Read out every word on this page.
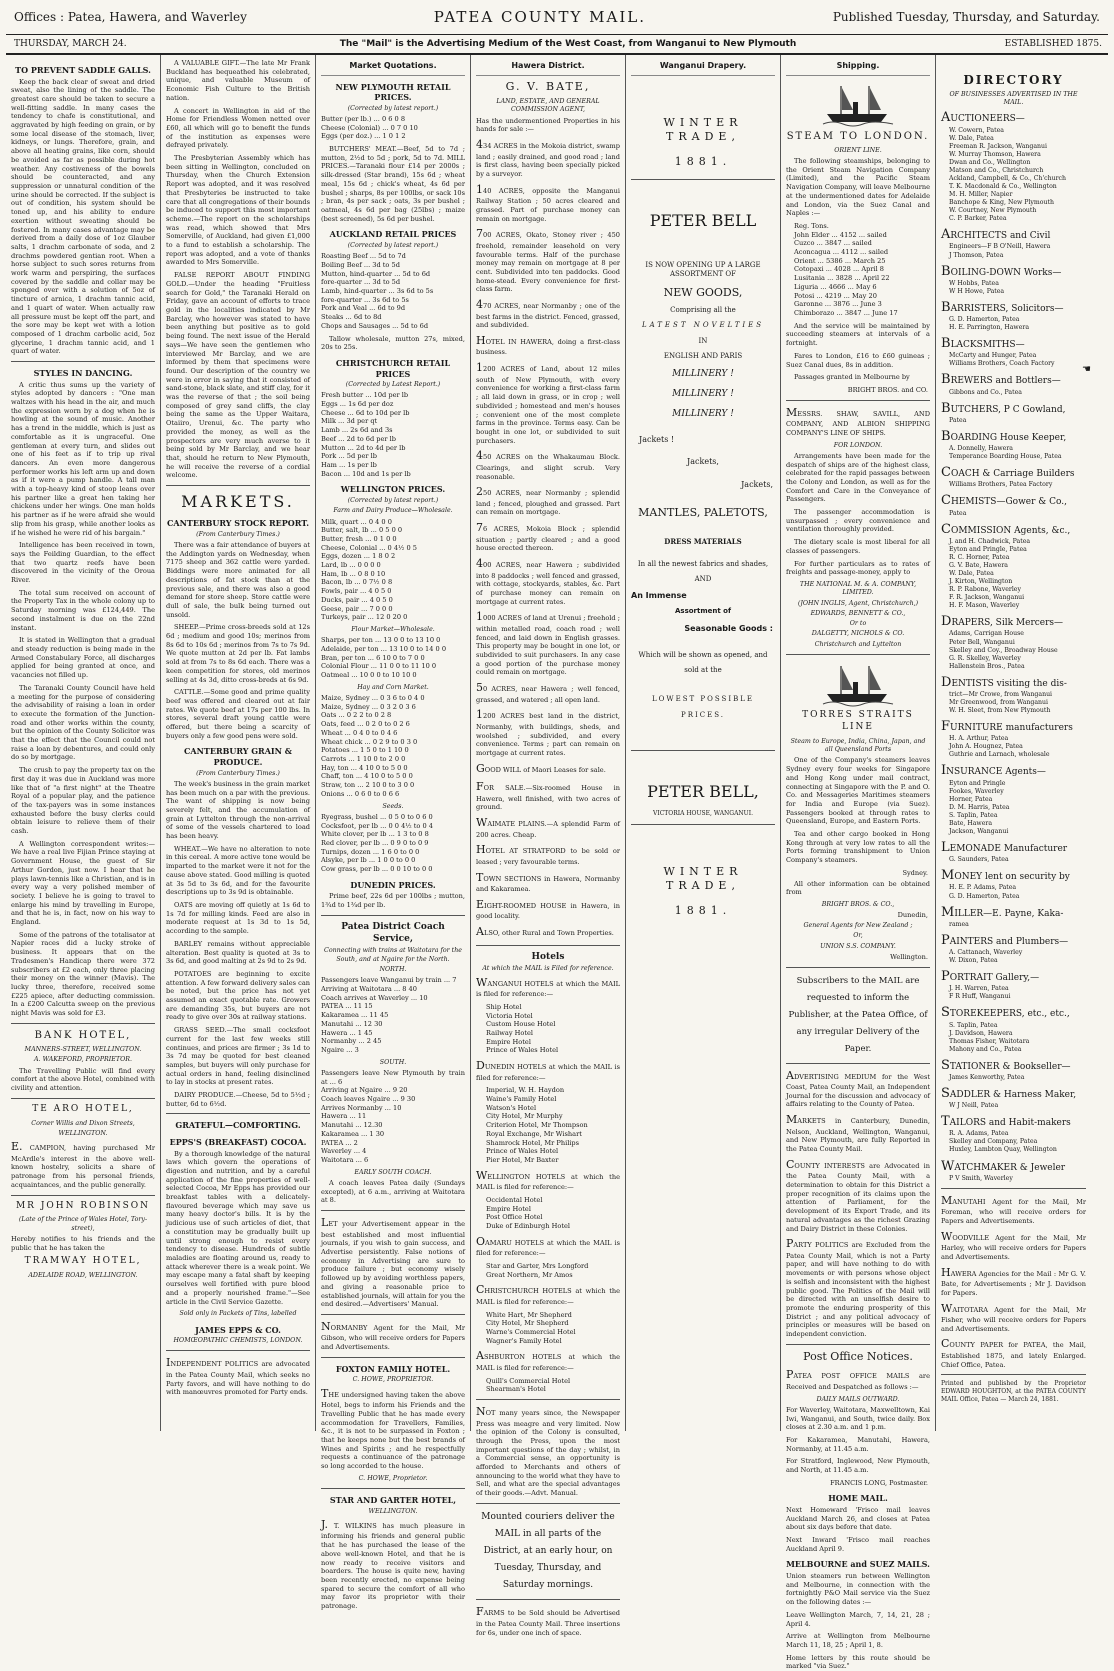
Offices : Patea, Hawera, and Waverley	PATEA COUNTY MAIL.	Published Tuesday, Thursday, and Saturday.
THURSDAY, MARCH 24.	The "Mail" is the Advertising Medium of the West Coast, from Wanganui to New Plymouth	ESTABLISHED 1875.
TO PREVENT SADDLE GALLS.

Keep the back clear of sweat and dried sweat, also the lining of the saddle. The greatest care should be taken to secure a well-fitting saddle. In many cases the tendency to chafe is constitutional, and aggravated by high feeding on grain, or by some local disease of the stomach, liver, kidneys, or lungs. Therefore, grain, and above all heating grains, like corn, should be avoided as far as possible during hot weather. Any costiveness of the bowels should be counteracted, and any suppression or unnatural condition of the urine should be corrected. If the subject is out of condition, his system should be toned up, and his ability to endure exertion without sweating should be fostered. In many cases advantage may be derived from a daily dose of 1oz Glauber salts, 1 drachm carbonate of soda, and 2 drachms powdered gentian root. When a horse subject to such sores returns from work warm and perspiring, the surfaces covered by the saddle and collar may be sponged over with a solution of 5oz of tincture of arnica, 1 drachm tannic acid, and 1 quart of water. When actually raw all pressure must be kept off the part, and the sore may be kept wet with a lotion composed of 1 drachm carbolic acid, 5oz glycerine, 1 drachm tannic acid, and 1 quart of water.

STYLES IN DANCING.

A critic thus sums up the variety of styles adopted by dancers : "One man waltzes with his head in the air, and much the expression worn by a dog when he is howling at the sound of music. Another has a trend in the middle, which is just as comfortable as it is ungraceful. One gentleman at every turn, and slides out one of his feet as if to trip up rival dancers. An even more dangerous performer works his left arm up and down as if it were a pump handle. A tall man with a top-heavy kind of stoop leans over his partner like a great hen taking her chickens under her wings. One man holds his partner as if he were afraid she would slip from his grasp, while another looks as if he wished he were rid of his bargain."

Intelligence has been received in town, says the Feilding Guardian, to the effect that two quartz reefs have been discovered in the vicinity of the Oroua River.

The total sum received on account of the Property Tax in the whole colony up to Saturday morning was £124,449. The second instalment is due on the 22nd instant.

It is stated in Wellington that a gradual and steady reduction is being made in the Armed Constabulary Force, all discharges applied for being granted at once, and vacancies not filled up.

The Taranaki County Council have held a meeting for the purpose of considering the advisability of raising a loan in order to execute the formation of the Junction-road and other works within the county, but the opinion of the County Solicitor was that the effect that the Council could not raise a loan by debentures, and could only do so by mortgage.

The crush to pay the property tax on the first day it was due in Auckland was more like that of "a first night" at the Theatre Royal of a popular play, and the patience of the tax-payers was in some instances exhausted before the busy clerks could obtain leisure to relieve them of their cash.

A Wellington correspondent writes:— We have a real live Fijian Prince staying at Government House, the guest of Sir Arthur Gordon, just now. I hear that he plays lawn-tennis like a Christian, and is in every way a very polished member of society. I believe he is going to travel to enlarge his mind by travelling in Europe, and that he is, in fact, now on his way to England.

Some of the patrons of the totalisator at Napier races did a lucky stroke of business. It appears that on the Tradesmen's Handicap there were 372 subscribers at £2 each, only three placing their money on the winner (Mavis). The lucky three, therefore, received some £225 apiece, after deducting commission. In a £200 Calcutta sweep on the previous night Mavis was sold for £3.

BANK HOTEL,
MANNERS-STREET, WELLINGTON.
A. WAKEFORD, PROPRIETOR.

The Travelling Public will find every comfort at the above Hotel, combined with civility and attention.

TE ARO HOTEL,
Corner Willis and Dixon Streets,
WELLINGTON.

E. CAMPION, having purchased Mr McArdle's interest in the above well-known hostelry, solicits a share of patronage from his personal friends, acquaintances, and the public generally.

MR JOHN ROBINSON
(Late of the Prince of Wales Hotel, Tory-street),

Hereby notifies to his friends and the public that he has taken the

TRAMWAY HOTEL,
ADELAIDE ROAD, WELLINGTON.

A VALUABLE GIFT.—The late Mr Frank Buckland has bequeathed his celebrated, unique, and valuable Museum of Economic Fish Culture to the British nation.

A concert in Wellington in aid of the Home for Friendless Women netted over £60, all which will go to benefit the funds of the institution as expenses were defrayed privately.

The Presbyterian Assembly which has been sitting in Wellington, concluded on Thursday, when the Church Extension Report was adopted, and it was resolved that Presbyteries be instructed to take care that all congregations of their bounds be induced to support this most important scheme.—The report on the scholarships was read, which showed that Mrs Somerville, of Auckland, had given £1,000 to a fund to establish a scholarship. The report was adopted, and a vote of thanks awarded to Mrs Somerville.

FALSE REPORT ABOUT FINDING GOLD.—Under the heading "Fruitless search for Gold," the Taranaki Herald on Friday, gave an account of efforts to trace gold in the localities indicated by Mr Barclay, who however was stated to have been anything but positive as to gold being found. The next issue of the Herald says—We have seen the gentlemen who interviewed Mr Barclay, and we are informed by them that specimens were found. Our description of the country we were in error in saying that it consisted of sand-stone, black slate, and stiff clay, for it was the reverse of that ; the soil being composed of grey sand cliffs, the clay being the same as the Upper Waitara, Otaiiro, Urenui, &c. The party who provided the money, as well as the prospectors are very much averse to it being sold by Mr Barclay, and we hear that, should he return to New Plymouth, he will receive the reverse of a cordial welcome.

MARKETS.
CANTERBURY STOCK REPORT.
(From Canterbury Times.)

There was a fair attendance of buyers at the Addington yards on Wednesday, when 7175 sheep and 362 cattle were yarded. Biddings were more animated for all descriptions of fat stock than at the previous sale, and there was also a good demand for store sheep. Store cattle were dull of sale, the bulk being turned out unsold.

SHEEP.—Prime cross-breeds sold at 12s 6d ; medium and good 10s; merinos from 8s 6d to 10s 6d ; merinos from 7s to 7s 9d. We quote mutton at 2d per lb. Fat lambs sold at from 7s to 8s 6d each. There was a keen competition for stores, old merinos selling at 4s 3d, ditto cross-breds at 6s 9d.

CATTLE.—Some good and prime quality beef was offered and cleared out at fair rates. We quote beef at 17s per 100 lbs. In stores, several draft young cattle were offered, but there being a scarcity of buyers only a few good pens were sold.

CANTERBURY GRAIN & PRODUCE.
(From Canterbury Times.)

The week's business in the grain market has been much on a par with the previous. The want of shipping is now being severely felt, and the accumulation of grain at Lyttelton through the non-arrival of some of the vessels chartered to load has been heavy.

WHEAT.—We have no alteration to note in this cereal. A more active tone would be imparted to the market were it not for the cause above stated. Good milling is quoted at 3s 5d to 3s 6d, and for the favourite descriptions up to 3s 9d is obtainable.

OATS are moving off quietly at 1s 6d to 1s 7d for milling kinds. Feed are also in moderate request at 1s 3d to 1s 5d, according to the sample.

BARLEY remains without appreciable alteration. Best quality is quoted at 3s to 3s 6d, and good malting at 2s 9d to 2s 9d.

POTATOES are beginning to excite attention. A few forward delivery sales can be noted, but the price has not yet assumed an exact quotable rate. Growers are demanding 35s, but buyers are not ready to give over 30s at railway stations.

GRASS SEED.—The small cocksfoot current for the last few weeks still continues, and prices are firmer ; 3s 1d to 3s 7d may be quoted for best cleaned samples, but buyers will only purchase for actual orders in hand, feeling disinclined to lay in stocks at present rates.

DAIRY PRODUCE.—Cheese, 5d to 5½d ; butter, 6d to 6½d.

GRATEFUL—COMFORTING.
EPPS'S (BREAKFAST) COCOA.

By a thorough knowledge of the natural laws which govern the operations of digestion and nutrition, and by a careful application of the fine properties of well-selected Cocoa, Mr Epps has provided our breakfast tables with a delicately-flavoured beverage which may save us many heavy doctor's bills. It is by the judicious use of such articles of diet, that a constitution may be gradually built up until strong enough to resist every tendency to disease. Hundreds of subtle maladies are floating around us, ready to attack wherever there is a weak point. We may escape many a fatal shaft by keeping ourselves well fortified with pure blood and a properly nourished frame."—See article in the Civil Service Gazette.

Sold only in Packets of Tins, labelled
JAMES EPPS & CO.
HOMŒOPATHIC CHEMISTS, LONDON.

INDEPENDENT POLITICS are advocated in the Patea County Mail, which seeks no Party favors, and will have nothing to do with manœuvres promoted for Party ends.

Market Quotations.
NEW PLYMOUTH RETAIL PRICES.
(Corrected by latest report.)
Butter (per lb.) ... 0 6 0 8
Cheese (Colonial) ... 0 7 0 10
Eggs (per doz.) ... 1 0 1 2

BUTCHERS' MEAT.—Beef, 5d to 7d ; mutton, 2½d to 5d ; pork, 5d to 7d. MILL PRICES.—Taranaki flour £14 per 2000s ; silk-dressed (Star brand), 15s 6d ; wheat meal, 15s 6d ; chick's wheat, 4s 6d per bushel ; sharps, 8s per 100lbs, or sack 10s ; bran, 4s per sack ; oats, 3s per bushel ; oatmeal, 4s 6d per bag (25lbs) ; maize (best screened), 5s 6d per bushel.

AUCKLAND RETAIL PRICES
(Corrected by latest report.)
Roasting Beef ... 5d to 7d
Boiling Beef ... 3d to 5d
Mutton, hind-quarter ... 5d to 6d
fore-quarter ... 3d to 5d
Lamb, hind-quarter ... 3s 6d to 5s
fore-quarter ... 3s 6d to 5s
Pork and Veal ... 6d to 9d
Steaks ... 6d to 8d
Chops and Sausages ... 5d to 6d

Tallow wholesale, mutton 27s, mixed, 20s to 25s.

CHRISTCHURCH RETAIL PRICES
(Corrected by Latest Report.)
Fresh butter ... 10d per lb
Eggs ... 1s 6d per doz
Cheese ... 6d to 10d per lb
Milk ... 3d per qt
Lamb ... 2s 6d and 3s
Beef ... 2d to 6d per lb
Mutton ... 2d to 4d per lb
Pork ... 5d per lb
Ham ... 1s per lb
Bacon ... 10d and 1s per lb
WELLINGTON PRICES.
(Corrected by latest report.)
Farm and Dairy Produce—Wholesale.
Milk, quart ... 0 4 0 0
Butter, salt, lb ... 0 5 0 0
Butter, fresh ... 0 1 0 0
Cheese, Colonial ... 0 4½ 0 5
Eggs, dozen ... 1 8 0 2
Lard, lb ... 0 0 0 0
Ham, lb ... 0 8 0 10
Bacon, lb ... 0 7½ 0 8
Fowls, pair ... 4 0 5 0
Ducks, pair ... 4 0 5 0
Geese, pair ... 7 0 0 0
Turkeys, pair ... 12 0 20 0
Flour Market—Wholesale.
Sharps, per ton ... 13 0 0 to 13 10 0
Adelaide, per ton ... 13 10 0 to 14 0 0
Bran, per ton ... 6 10 0 to 7 0 0
Colonial Flour ... 11 0 0 to 11 10 0
Oatmeal ... 10 0 0 to 10 10 0
Hay and Corn Market.
Maize, Sydney ... 0 3 6 to 0 4 0
Maize, Sydney ... 0 3 2 0 3 6
Oats ... 0 2 2 to 0 2 8
Oats, feed ... 0 2 0 to 0 2 6
Wheat ... 0 4 0 to 0 4 6
Wheat chick ... 0 2 9 to 0 3 0
Potatoes ... 1 5 0 to 1 10 0
Carrots ... 1 10 0 to 2 0 0
Hay, ton ... 4 10 0 to 5 0 0
Chaff, ton ... 4 10 0 to 5 0 0
Straw, ton ... 2 10 0 to 3 0 0
Onions ... 0 6 0 to 0 6 6
Seeds.
Ryegrass, bushel ... 0 5 0 to 0 6 0
Cocksfoot, per lb ... 0 0 4½ to 0 4
White clover, per lb ... 1 3 to 0 8
Red clover, per lb ... 0 9 0 to 0 9
Turnips, dozen ... 1 6 0 to 0 0
Alsyke, per lb ... 1 0 0 to 0 0
Cow grass, per lb ... 0 0 10 to 0 0
DUNEDIN PRICES.

Prime beef, 22s 6d per 100lbs ; mutton, 1¾d to 1¾d per lb.

Patea District Coach Service,
Connecting with trains at Waitotara for the South, and at Ngaire for the North.
NORTH.
Passengers leave Wanganui by train ... 7
Arriving at Waitotara ... 8 40
Coach arrives at Waverley ... 10
PATEA ... 11 15
Kakaramea ... 11 45
Manutahi ... 12 30
Hawera ... 1 45
Normanby ... 2 45
Ngaire ... 3
SOUTH.
Passengers leave New Plymouth by train at ... 6
Arriving at Ngaire ... 9 20
Coach leaves Ngaire ... 9 30
Arrives Normanby ... 10
Hawera ... 11
Manutahi ... 12.30
Kakaramea ... 1 30
PATEA ... 2
Waverley ... 4
Waitotara ... 6
EARLY SOUTH COACH.

A coach leaves Patea daily (Sundays excepted), at 6 a.m., arriving at Waitotara at 8.

LET your Advertisement appear in the best established and most influential journals, if you wish to gain success, and Advertise persistently. False notions of economy in Advertising are sure to produce failure ; but economy wisely followed up by avoiding worthless papers, and giving a reasonable price to established journals, will attain for you the end desired.—Advertisers' Manual.

NORMANBY Agent for the Mail, Mr Gibson, who will receive orders for Papers and Advertisements.

FOXTON FAMILY HOTEL.
C. HOWE, PROPRIETOR.

THE undersigned having taken the above Hotel, begs to inform his Friends and the Travelling Public that he has made every accommodation for Travellers, Families, &c., it is not to be surpassed in Foxton ; that he keeps none but the best brands of Wines and Spirits ; and he respectfully requests a continuance of the patronage so long accorded to the house.

C. HOWE, Proprietor.
STAR AND GARTER HOTEL,
WELLINGTON.

J. T. WILKINS has much pleasure in informing his friends and general public that he has purchased the lease of the above well-known Hotel, and that he is now ready to receive visitors and boarders. The house is quite new, having been recently erected, no expense being spared to secure the comfort of all who may favor its proprietor with their patronage.

Hawera District.
G. V. BATE,
LAND, ESTATE, AND GENERAL COMMISSION AGENT,

Has the undermentioned Properties in his hands for sale :—

434 ACRES in the Mokoia district, swamp land ; easily drained, and good road ; land is first class, having been specially picked by a surveyor.

140 ACRES, opposite the Manganui Railway Station ; 50 acres cleared and grassed. Part of purchase money can remain on mortgage.

700 ACRES, Okato, Stoney river ; 450 freehold, remainder leasehold on very favourable terms. Half of the purchase money may remain on mortgage at 8 per cent. Subdivided into ten paddocks. Good home-stead. Every convenience for first-class farm.

470 ACRES, near Normanby ; one of the best farms in the district. Fenced, grassed, and subdivided.

HOTEL IN HAWERA, doing a first-class business.

1200 ACRES of Land, about 12 miles south of New Plymouth, with every convenience for working a first-class farm ; all laid down in grass, or in crop ; well subdivided ; homestead and men's houses ; convenient one of the most complete farms in the province. Terms easy. Can be bought in one lot, or subdivided to suit purchasers.

450 ACRES on the Whakaumau Block. Clearings, and slight scrub. Very reasonable.

250 ACRES, near Normanby ; splendid land ; fenced, ploughed and grassed. Part can remain on mortgage.

76 ACRES, Mokoia Block ; splendid situation ; partly cleared ; and a good house erected thereon.

400 ACRES, near Hawera ; subdivided into 8 paddocks ; well fenced and grassed, with cottage, stockyards, stables, &c. Part of purchase money can remain on mortgage at current rates.

1000 ACRES of land at Urenui ; freehold ; within metalled road, coach road ; well fenced, and laid down in English grasses. This property may be bought in one lot, or subdivided to suit purchasers. In any case a good portion of the purchase money could remain on mortgage.

50 ACRES, near Hawera ; well fenced, grassed, and watered ; all open land.

1200 ACRES best land in the district, Normanby, with buildings, sheds, and woolshed ; subdivided, and every convenience. Terms ; part can remain on mortgage at current rates.

GOOD WILL of Maori Leases for sale.

FOR SALE.—Six-roomed House in Hawera, well finished, with two acres of ground.

WAIMATE PLAINS.—A splendid Farm of 200 acres. Cheap.

HOTEL AT STRATFORD to be sold or leased ; very favourable terms.

TOWN SECTIONS in Hawera, Normanby and Kakaramea.

EIGHT-ROOMED HOUSE in Hawera, in good locality.

ALSO, other Rural and Town Properties.

Hotels
At which the MAIL is Filed for reference.

WANGANUI HOTELS at which the MAIL is filed for reference:—

Ship Hotel
Victoria Hotel
Custom House Hotel
Railway Hotel
Empire Hotel
Prince of Wales Hotel

DUNEDIN HOTELS at which the MAIL is filed for reference:—

Imperial, W. H. Haydon
Waine's Family Hotel
Watson's Hotel
City Hotel, Mr Murphy
Criterion Hotel, Mr Thompson
Royal Exchange, Mr Wishart
Shamrock Hotel, Mr Philips
Prince of Wales Hotel
Pier Hotel, Mr Baxter

WELLINGTON HOTELS at which the MAIL is filed for reference:—

Occidental Hotel
Empire Hotel
Post Office Hotel
Duke of Edinburgh Hotel

OAMARU HOTELS at which the MAIL is filed for reference:—

Star and Garter, Mrs Longford
Great Northern, Mr Amos

CHRISTCHURCH HOTELS at which the MAIL is filed for reference:—

White Hart, Mr Shepherd
City Hotel, Mr Shepherd
Warne's Commercial Hotel
Wagner's Family Hotel

ASHBURTON HOTELS at which the MAIL is filed for reference:—

Quill's Commercial Hotel
Shearman's Hotel

NOT many years since, the Newspaper Press was meagre and very limited. Now the opinion of the Colony is consulted, through the Press, upon the most important questions of the day ; whilst, in a Commercial sense, an opportunity is afforded to Merchants and others of announcing to the world what they have to Sell, and what are the special advantages of their goods.—Advt. Manual.

Mounted couriers deliver the MAIL in all parts of the District, at an early hour, on Tuesday, Thursday, and Saturday mornings.

FARMS to be Sold should be Advertised in the Patea County Mail. Three insertions for 6s, under one inch of space.

Wanganui Drapery.
WINTER TRADE,
1881.
PETER BELL
IS NOW OPENING UP A LARGE ASSORTMENT OF
NEW GOODS,
Comprising all the
LATEST NOVELTIES
IN
ENGLISH AND PARIS
MILLINERY !
MILLINERY !
MILLINERY !
Jackets !
Jackets,
Jackets,
MANTLES, PALETOTS,
DRESS MATERIALS
In all the newest fabrics and shades,
AND
An Immense
Assortment of
Seasonable Goods :
Which will be shown as opened, and
sold at the
LOWEST POSSIBLE
PRICES.
PETER BELL,
VICTORIA HOUSE, WANGANUI.
WINTER TRADE,
1881.
Shipping.
STEAM TO LONDON.
ORIENT LINE.

The following steamships, belonging to the Orient Steam Navigation Company (Limited), and the Pacific Steam Navigation Company, will leave Melbourne at the undermentioned dates for Adelaide and London, via the Suez Canal and Naples :—

Reg. Tons.
John Elder ... 4152 ... sailed
Cuzco ... 3847 ... sailed
Aconcagua ... 4112 ... sailed
Orient ... 5386 ... March 25
Cotopaxi ... 4028 ... April 8
Lusitania ... 3828 ... April 22
Liguria ... 4666 ... May 6
Potosi ... 4219 ... May 20
Garonne ... 3876 ... June 3
Chimborazo ... 3847 ... June 17

And the service will be maintained by succeeding steamers at intervals of a fortnight.

Fares to London, £16 to £60 guineas ; Suez Canal dues, 8s in addition.

Passages granted in Melbourne by

BRIGHT BROS. and CO.

MESSRS. SHAW, SAVILL, AND COMPANY, AND ALBION SHIPPING COMPANY'S LINE OF SHIPS.

FOR LONDON.

Arrangements have been made for the despatch of ships are of the highest class, celebrated for the rapid passages between the Colony and London, as well as for the Comfort and Care in the Conveyance of Passengers.

The passenger accommodation is unsurpassed ; every convenience and ventilation thoroughly provided.

The dietary scale is most liberal for all classes of passengers.

For further particulars as to rates of freights and passage-money, apply to

THE NATIONAL M. & A. COMPANY, LIMITED.
(JOHN INGLIS, Agent, Christchurch,)
EDWARDS, BENNETT & CO.,
Or to
DALGETTY, NICHOLS & CO.
Christchurch and Lyttelton
TORRES STRAITS LINE
Steam to Europe, India, China, Japan, and all Queensland Ports

One of the Company's steamers leaves Sydney every four weeks for Singapore and Hong Kong under mail contract, connecting at Singapore with the P. and O. Co. and Messageries Maritimes steamers for India and Europe (via Suez). Passengers booked at through rates to Queensland, Europe, and Eastern Ports.

Tea and other cargo booked in Hong Kong through at very low rates to all the Ports forming transhipment to Union Company's steamers.

Sydney.

All other information can be obtained from

BRIGHT BROS. & CO.,
Dunedin,
General Agents for New Zealand ;
Or,
UNION S.S. COMPANY.
Wellington.

Subscribers to the MAIL are requested to inform the Publisher, at the Patea Office, of any irregular Delivery of the Paper.

ADVERTISING MEDIUM for the West Coast, Patea County Mail, an Independent Journal for the discussion and advocacy of affairs relating to the County of Patea.

MARKETS in Canterbury, Dunedin, Nelson, Auckland, Wellington, Wanganui, and New Plymouth, are fully Reported in the Patea County Mail.

COUNTY INTERESTS are Advocated in the Patea County Mail, with a determination to obtain for this District a proper recognition of its claims upon the attention of Parliament, for the development of its Export Trade, and its natural advantages as the richest Grazing and Dairy District in these Colonies.

PARTY POLITICS are Excluded from the Patea County Mail, which is not a Party paper, and will have nothing to do with movements or with persons whose object is selfish and inconsistent with the highest public good. The Politics of the Mail will be directed with an unselfish desire to promote the enduring prosperity of this District ; and any political advocacy of principles or measures will be based on independent conviction.

Post Office Notices.

PATEA POST OFFICE MAILS are Received and Despatched as follows :—

DAILY MAILS OUTWARD.

For Waverley, Waitotara, Maxwelltown, Kai Iwi, Wanganui, and South, twice daily. Box closes at 2.30 a.m. and 1 p.m.

For Kakaramea, Manutahi, Hawera, Normanby, at 11.45 a.m.

For Stratford, Inglewood, New Plymouth, and North, at 11.45 a.m.

FRANCIS LONG, Postmaster.
HOME MAIL.

Next Homeward 'Frisco mail leaves Auckland March 26, and closes at Patea about six days before that date.

Next Inward 'Frisco mail reaches Auckland April 9.

MELBOURNE and SUEZ MAILS.

Union steamers run between Wellington and Melbourne, in connection with the fortnightly P&O Mail service via the Suez on the following dates :—

Leave Wellington March, 7, 14, 21, 28 ; April 4.

Arrive at Wellington from Melbourne March 11, 18, 25 ; April 1, 8.

Home letters by this route should be marked "via Suez."

DIRECTORY
OF BUSINESSES ADVERTISED IN THE MAIL.
AUCTIONEERS—
W. Cowern, Patea
W. Dale, Patea
Freeman R. Jackson, Wanganui
W. Murray Thomson, Hawera
Dwan and Co., Wellington
Matson and Co., Christchurch
Ackland, Campbell, & Co., Ch'church
T. K. Macdonald & Co., Wellington
M. H. Miller, Napier
Banchope & King, New Plymouth
W. Courtney, New Plymouth
C. P. Barker, Patea
ARCHITECTS and Civil
Engineers—F B O'Neill, Hawera
J Thomson, Patea
BOILING-DOWN Works—
W Hobbs, Patea
W H Howe, Patea
BARRISTERS, Solicitors—
G. D. Hamerton, Patea
H. E. Parrington, Hawera
BLACKSMITHS—
McCarty and Hunger, Patea
Williams Brothers, Coach Factory
BREWERS and Bottlers—
Gibbons and Co., Patea
BUTCHERS, P C Gowland,
Patea
BOARDING House Keeper,
A. Donnelly, Hawera
Temperance Boarding House, Patea
COACH & Carriage Builders
Williams Brothers, Patea Factory
CHEMISTS—Gower & Co.,
Patea
COMMISSION Agents, &c.,
J. and H. Chadwick, Patea
Eyton and Pringle, Patea
R. C. Horner, Patea
G. V. Bate, Hawera
W. Dale, Patea
J. Kirton, Wellington
R. P. Rabone, Waverley
F. R. Jackson, Wanganui
H. F. Mason, Waverley
DRAPERS, Silk Mercers—
Adams, Carrigan House
Peter Bell, Wanganui
Skelley and Coy., Broadway House
G. R. Skelley, Waverley
Hallenstein Bros., Patea
DENTISTS visiting the dis-
trict—Mr Crowe, from Wanganui
Mr Greenwood, from Wanganui
W. H. Sleet, from New Plymouth
FURNITURE manufacturers
H. A. Arthur, Patea
John A. Hougnez, Patea
Guthrie and Larnach, wholesale
INSURANCE Agents—
Eyton and Pringle
Fookes, Waverley
Horner, Patea
D. M. Harris, Patea
S. Taplin, Patea
Bate, Hawera
Jackson, Wanganui
LEMONADE Manufacturer
G. Saunders, Patea
MONEY lent on security by
H. E. P. Adams, Patea
G. D. Hamerton, Patea
MILLER—E. Payne, Kaka-
ramea
PAINTERS and Plumbers—
A. Cattanach, Waverley
W. Dixon, Patea
PORTRAIT Gallery,—
J. H. Warren, Patea
F R Huff, Wanganui
STOREKEEPERS, etc., etc.,
S. Taplin, Patea
J. Davidson, Hawera
Thomas Fisher, Waitotara
Mahony and Co., Patea
STATIONER & Bookseller—
James Kenworthy, Patea
SADDLER & Harness Maker,
W J Neill, Patea
TAILORS and Habit-makers
R. A. Adams, Patea
Skelley and Company, Patea
Huxley, Lambton Quay, Wellington
WATCHMAKER & Jeweler
P V Smith, Waverley

MANUTAHI Agent for the Mail, Mr Foreman, who will receive orders for Papers and Advertisements.

WOODVILLE Agent for the Mail, Mr Harley, who will receive orders for Papers and Advertisements.

HAWERA Agencies for the Mail : Mr G. V. Bate, for Advertisements ; Mr J. Davidson for Papers.

WAITOTARA Agent for the Mail, Mr Fisher, who will receive orders for Papers and Advertisements.

COUNTY PAPER for PATEA, the Mail, Established 1875, and lately Enlarged. Chief Office, Patea.

Printed and published by the Proprietor EDWARD HOUGHTON, at the PATEA COUNTY MAIL Office, Patea — March 24, 1881.

☚
